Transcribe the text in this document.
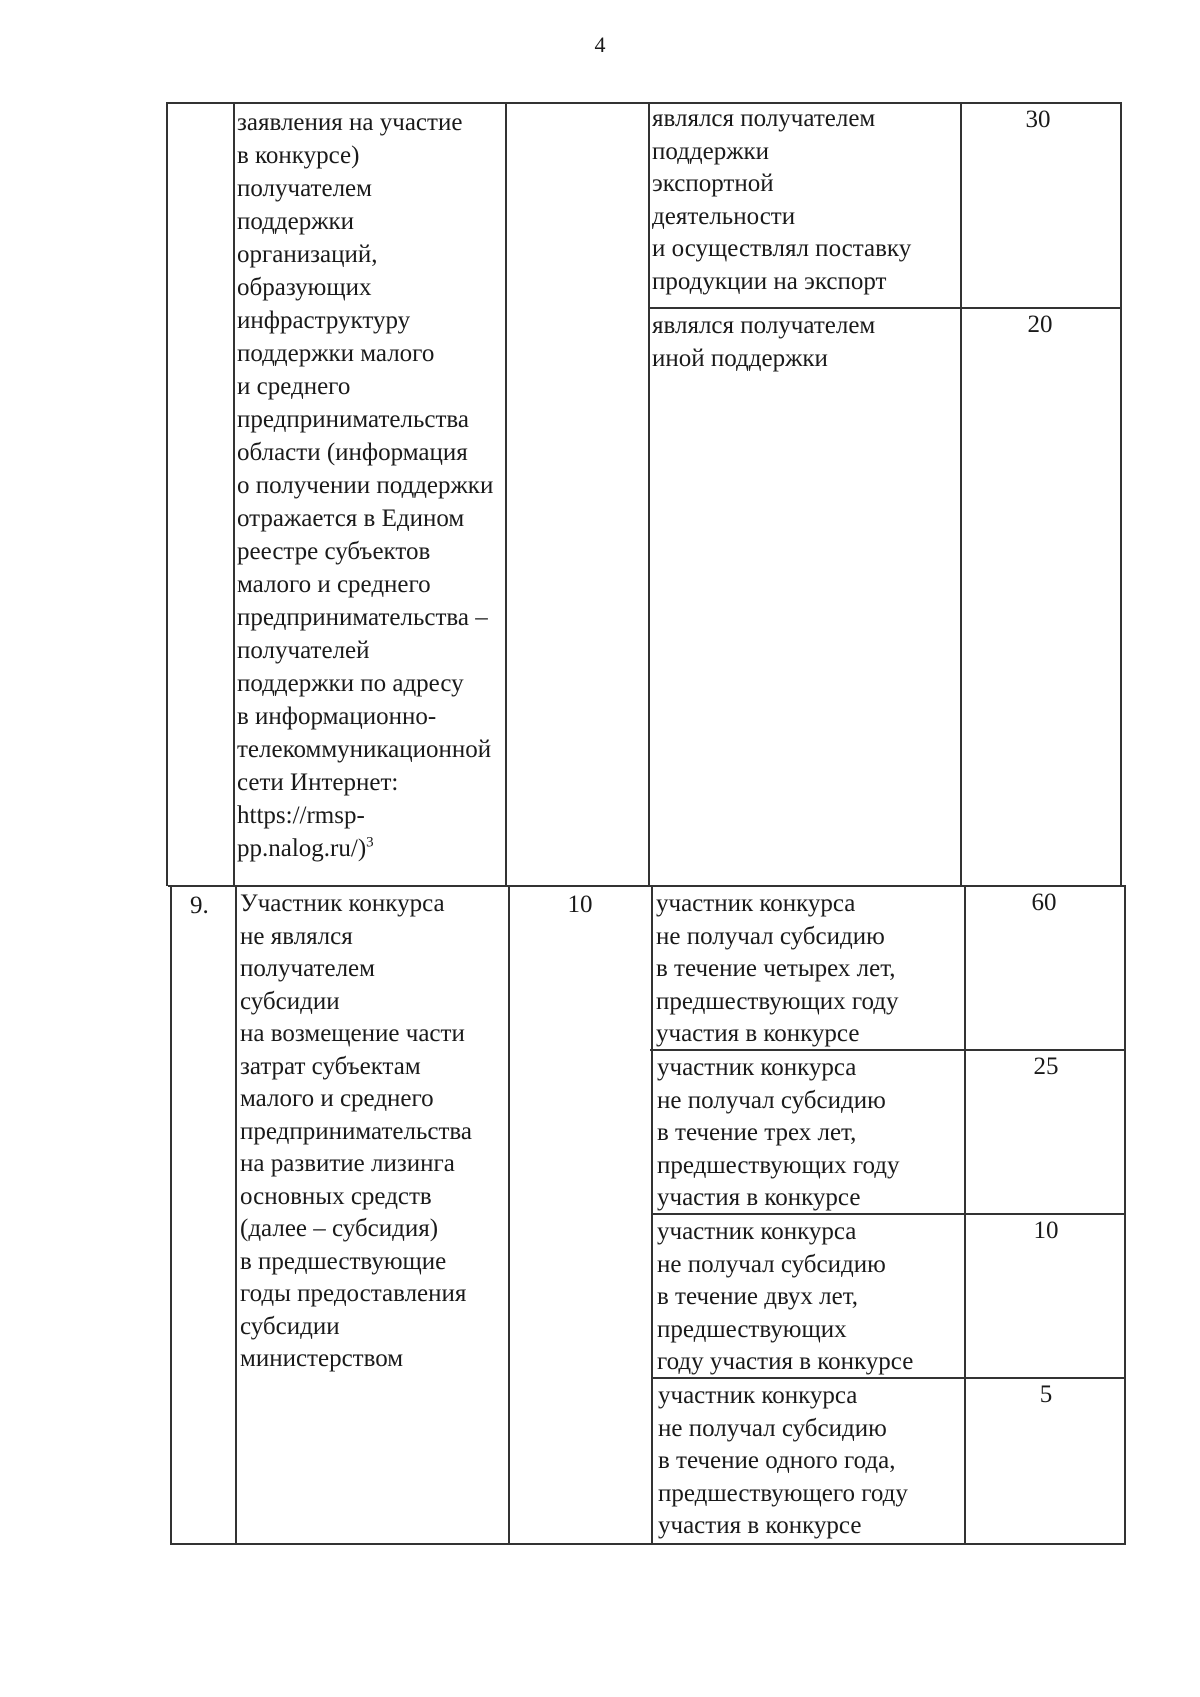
4
заявления на участие
в конкурсе)
получателем
поддержки
организаций,
образующих
инфраструктуру
поддержки малого
и среднего
предпринимательства
области (информация
о получении поддержки
отражается в Едином
реестре субъектов
малого и среднего
предпринимательства –
получателей
поддержки по адресу
в информационно-
телекоммуникационной
сети Интернет:
https://rmsp-
pp.nalog.ru/)$^3$
являлся получателем
поддержки
экспортной
деятельности
и осуществлял поставку
продукции на экспорт
30
являлся получателем
иной поддержки
20
9.	Участник конкурса
не являлся
получателем
субсидии
на возмещение части
затрат субъектам
малого и среднего
предпринимательства
на развитие лизинга
основных средств
(далее – субсидия)
в предшествующие
годы предоставления
субсидии
министерством
10	участник конкурса
не получал субсидию
в течение четырех лет,
предшествующих году
участия в конкурсе
60
участник конкурса
не получал субсидию
в течение трех лет,
предшествующих году
участия в конкурсе
25
участник конкурса
не получал субсидию
в течение двух лет,
предшествующих
году участия в конкурсе
10
участник конкурса
не получал субсидию
в течение одного года,
предшествующего году
участия в конкурсе
5
